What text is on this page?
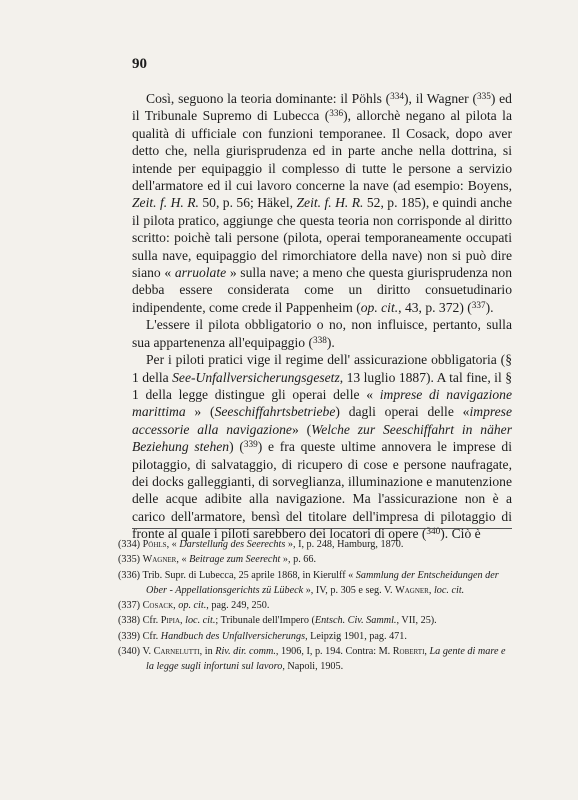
90

Così, seguono la teoria dominante: il Pöhls ($^{334}$), il Wagner ($^{335}$) ed il Tribunale Supremo di Lubecca ($^{336}$), allorchè negano al pilota la qualità di ufficiale con funzioni temporanee. Il Cosack, dopo aver detto che, nella giurisprudenza ed in parte anche nella dottrina, si intende per equipaggio il complesso di tutte le persone a servizio dell'armatore ed il cui lavoro concerne la nave (ad esempio: Boyens, Zeit. f. H. R. 50, p. 56; Häkel, Zeit. f. H. R. 52, p. 185), e quindi anche il pilota pratico, aggiunge che questa teoria non corrisponde al diritto scritto: poichè tali persone (pilota, operai temporaneamente occupati sulla nave, equipaggio del rimorchiatore della nave) non si può dire siano « arruolate » sulla nave; a meno che questa giurisprudenza non debba essere considerata come un diritto consuetudinario indipendente, come crede il Pappenheim (op. cit., 43, p. 372) ($^{337}$).

L'essere il pilota obbligatorio o no, non influisce, pertanto, sulla sua appartenenza all'equipaggio ($^{338}$).

Per i piloti pratici vige il regime dell' assicurazione obbligatoria (§ 1 della See-Unfallversicherungsgesetz, 13 luglio 1887). A tal fine, il § 1 della legge distingue gli operai delle « imprese di navigazione marittima » (Seeschiffahrtsbetriebe) dagli operai delle «imprese accessorie alla navigazione» (Welche zur Seeschiffahrt in näher Beziehung stehen) ($^{339}$) e fra queste ultime annovera le imprese di pilotaggio, di salvataggio, di ricupero di cose e persone naufragate, dei docks galleggianti, di sorveglianza, illuminazione e manutenzione delle acque adibite alla navigazione. Ma l'assicurazione non è a carico dell'armatore, bensì del titolare dell'impresa di pilotaggio di fronte al quale i piloti sarebbero dei locatori di opere ($^{340}$). Ciò è

(334) Pöhls, « Darstellung des Seerechts », I, p. 248, Hamburg, 1870.

(335) Wagner, « Beitrage zum Seerecht », p. 66.

(336) Trib. Supr. di Lubecca, 25 aprile 1868, in Kierulff « Sammlung der Entscheidungen der Ober - Appellationsgerichts zü Lübeck », IV, p. 305 e seg. V. Wagner, loc. cit.

(337) Cosack, op. cit., pag. 249, 250.

(338) Cfr. Pipia, loc. cit.; Tribunale dell'Impero (Entsch. Civ. Samml., VII, 25).

(339) Cfr. Handbuch des Unfallversicherungs, Leipzig 1901, pag. 471.

(340) V. Carnelutti, in Riv. dir. comm., 1906, I, p. 194. Contra: M. Roberti, La gente di mare e la legge sugli infortuni sul lavoro, Napoli, 1905.
